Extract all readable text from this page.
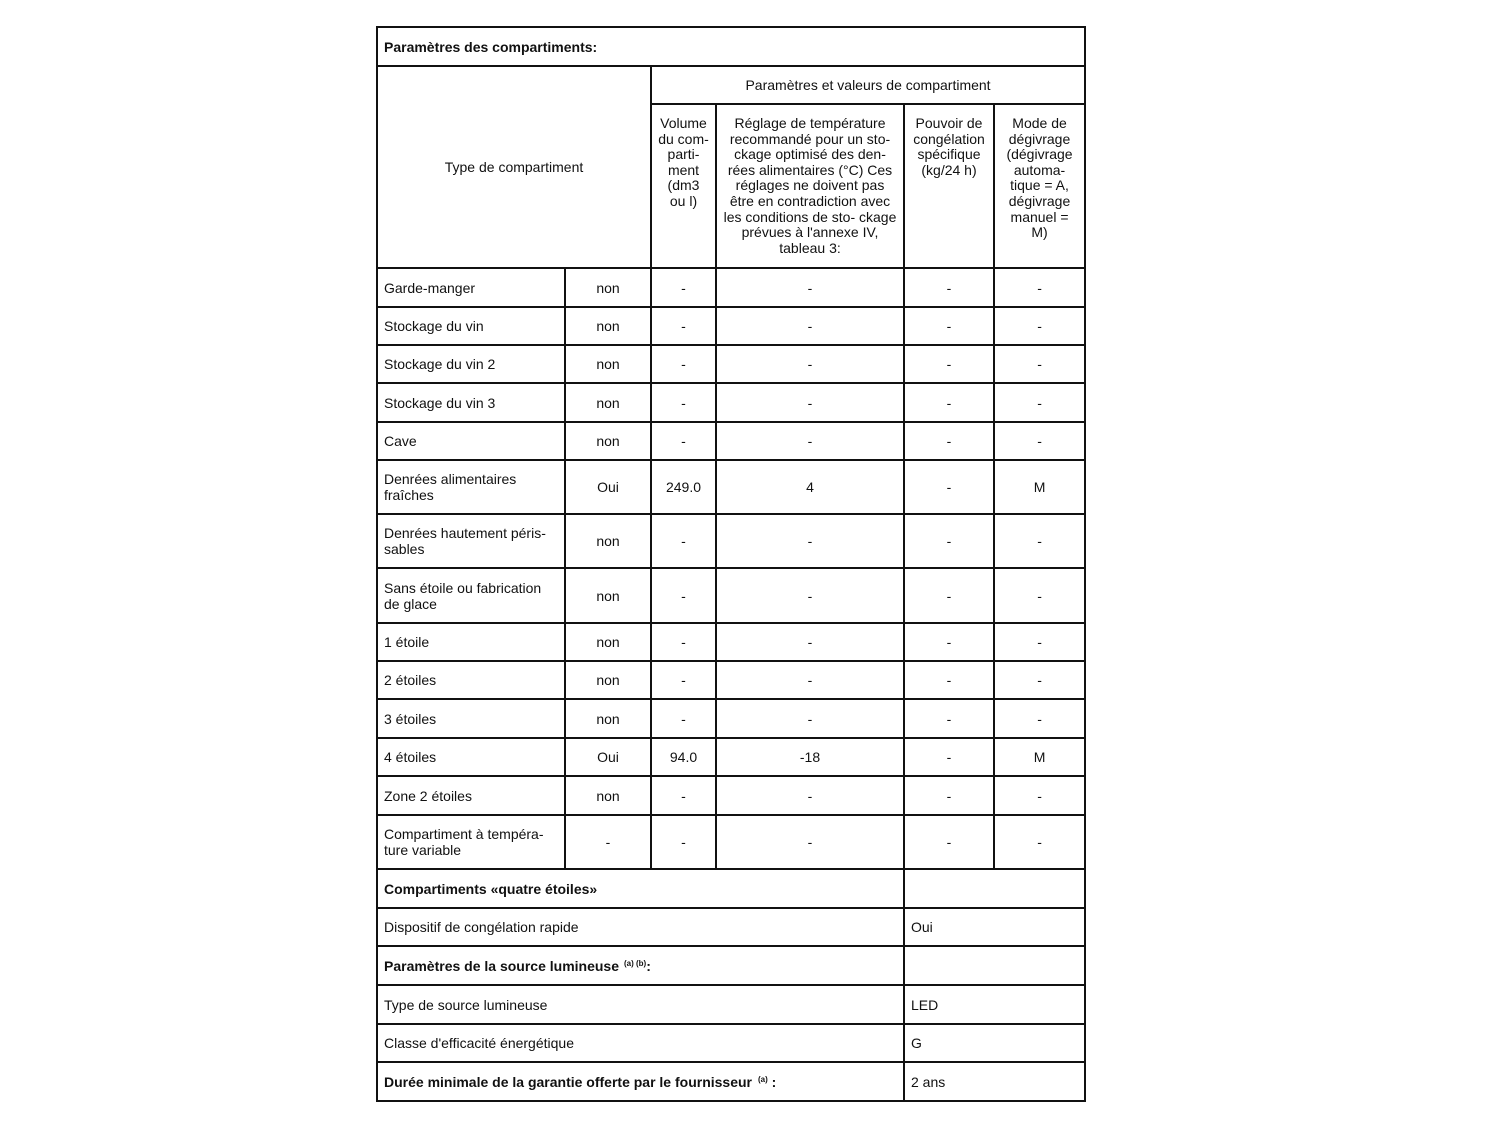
Paramètres des compartiments:					
Type de compartiment		Paramètres et valeurs de compartiment			
		Volume du com- parti- ment (dm3 ou l)	Réglage de température recommandé pour un sto- ckage optimisé des den- rées alimentaires (°C) Ces réglages ne doivent pas être en contradiction avec les conditions de sto- ckage prévues à l'annexe IV, tableau 3:	Pouvoir de congélation spécifique (kg/24 h)	Mode de dégivrage (dégivrage automa- tique = A, dégivrage manuel = M)
Garde-manger	non	-	-	-	-
Stockage du vin	non	-	-	-	-
Stockage du vin 2	non	-	-	-	-
Stockage du vin 3	non	-	-	-	-
Cave	non	-	-	-	-
Denrées alimentaires fraîches	Oui	249.0	4	-	M
Denrées hautement péris- sables	non	-	-	-	-
Sans étoile ou fabrication de glace	non	-	-	-	-
1 étoile	non	-	-	-	-
2 étoiles	non	-	-	-	-
3 étoiles	non	-	-	-	-
4 étoiles	Oui	94.0	-18	-	M
Zone 2 étoiles	non	-	-	-	-
Compartiment à tempéra- ture variable	-	-	-	-	-
Compartiments «quatre étoiles»					
Dispositif de congélation rapide				Oui	
Paramètres de la source lumineuse $^{(a) (b)}$:					
Type de source lumineuse				LED	
Classe d'efficacité énergétique				G	
Durée minimale de la garantie offerte par le fournisseur $^{(a)}$ :				2 ans	
